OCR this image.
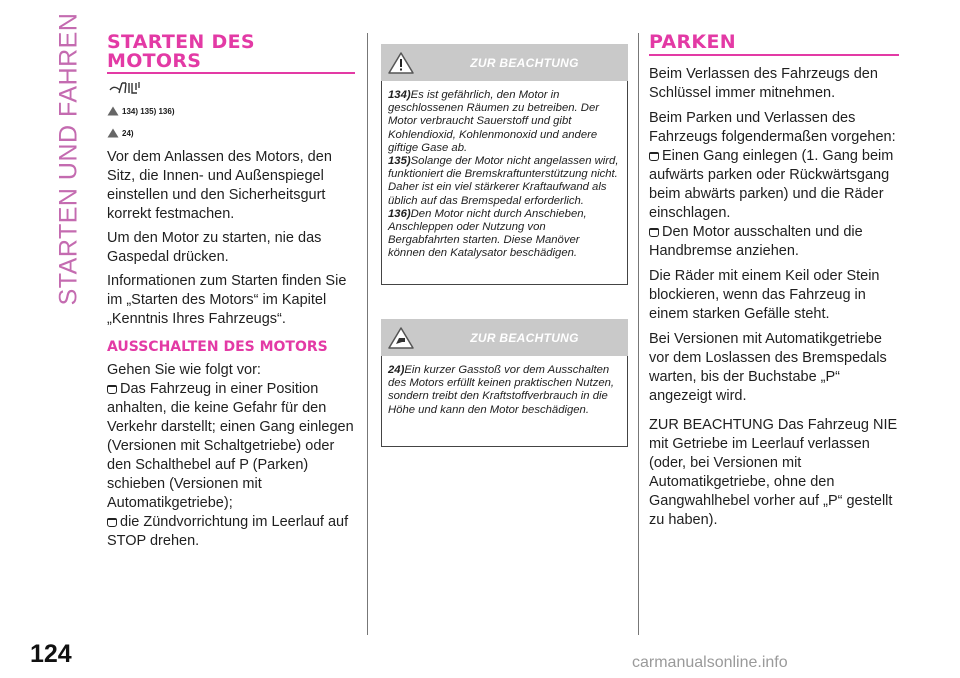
STARTEN UND FAHREN STARTEN DES MOTORS
134) 135) 136)
24)

Vor dem Anlassen des Motors, den Sitz, die Innen- und Außenspiegel einstellen und den Sicherheitsgurt korrekt festmachen.

Um den Motor zu starten, nie das Gaspedal drücken.

Informationen zum Starten finden Sie im „Starten des Motors“ im Kapitel „Kenntnis Ihres Fahrzeugs“.

AUSSCHALTEN DES MOTORS

Gehen Sie wie folgt vor:

Das Fahrzeug in einer Position anhalten, die keine Gefahr für den Verkehr darstellt; einen Gang einlegen (Versionen mit Schaltgetriebe) oder den Schalthebel auf P (Parken) schieben (Versionen mit Automatikgetriebe);

die Zündvorrichtung im Leerlauf auf STOP drehen.

ZUR BEACHTUNG

134)Es ist gefährlich, den Motor in geschlossenen Räumen zu betreiben. Der Motor verbraucht Sauerstoff und gibt Kohlendioxid, Kohlenmonoxid und andere giftige Gase ab.

135)Solange der Motor nicht angelassen wird, funktioniert die Bremskraftunterstützung nicht. Daher ist ein viel stärkerer Kraftaufwand als üblich auf das Bremspedal erforderlich.

136)Den Motor nicht durch Anschieben, Anschleppen oder Nutzung von Bergabfahrten starten. Diese Manöver können den Katalysator beschädigen.

ZUR BEACHTUNG

24)Ein kurzer Gasstoß vor dem Ausschalten des Motors erfüllt keinen praktischen Nutzen, sondern treibt den Kraftstoffverbrauch in die Höhe und kann den Motor beschädigen.

PARKEN

Beim Verlassen des Fahrzeugs den Schlüssel immer mitnehmen.

Beim Parken und Verlassen des Fahrzeugs folgendermaßen vorgehen:

Einen Gang einlegen (1. Gang beim aufwärts parken oder Rückwärtsgang beim abwärts parken) und die Räder einschlagen.

Den Motor ausschalten und die Handbremse anziehen.

Die Räder mit einem Keil oder Stein blockieren, wenn das Fahrzeug in einem starken Gefälle steht.

Bei Versionen mit Automatikgetriebe vor dem Loslassen des Bremspedals warten, bis der Buchstabe „P“ angezeigt wird.

ZUR BEACHTUNG Das Fahrzeug NIE mit Getriebe im Leerlauf verlassen (oder, bei Versionen mit Automatikgetriebe, ohne den Gangwahlhebel vorher auf „P“ gestellt zu haben).

124	carmanualsonline.info
